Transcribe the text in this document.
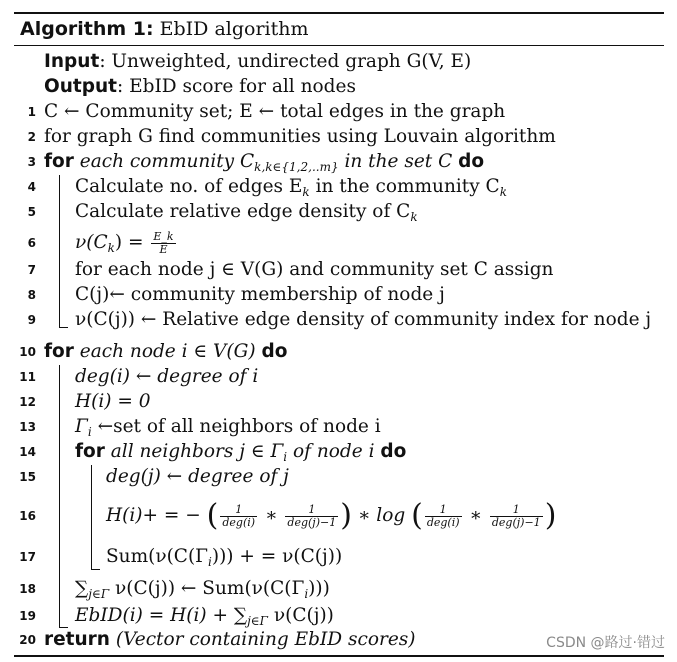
Algorithm 1: EbID algorithm
Input: Unweighted, undirected graph G(V, E)
Output: EbID score for all nodes
1 C ← Community set; E ← total edges in the graph
2 for graph G find communities using Louvain algorithm
3 for each community $C_{k,k\in\{1,2,..m\}}$ in the set C do
4 Calculate no. of edges $E_k$ in the community $C_k$
5 Calculate relative edge density of $C_k$
6 $\nu(C_k) = \frac{E\_k}{E}$
7 for each node j ∈ V(G) and community set C assign
8 C(j)← community membership of node j
9 ν(C(j)) ← Relative edge density of community index for node j
10 for each node i ∈ V(G) do
11 deg(i) ← degree of i
12 H(i) = 0
13 $\Gamma_i$ ←set of all neighbors of node i
14 for all neighbors j ∈ $\Gamma_i$ of node i do
15	deg(j) ← degree of j
16	H(i)+ = − ( $\frac{1}{\text{deg(i)}}$ ∗ $\frac{1}{\text{deg(j)−1}}$ ) ∗ log ( $\frac{1}{\text{deg(i)}}$ ∗ $\frac{1}{\text{deg(j)−1}}$ )
17	$Sum(\nu(C(\Gamma_i)))$ + = ν(C(j))
18 $\sum_{j\in\Gamma}$ ν(C(j)) ← $Sum(\nu(C(\Gamma_i)))$
19 EbID(i) = $H(i) + \sum_{j\in\Gamma}$ ν(C(j))
20 return (Vector containing EbID scores)	CSDN @路过·错过
